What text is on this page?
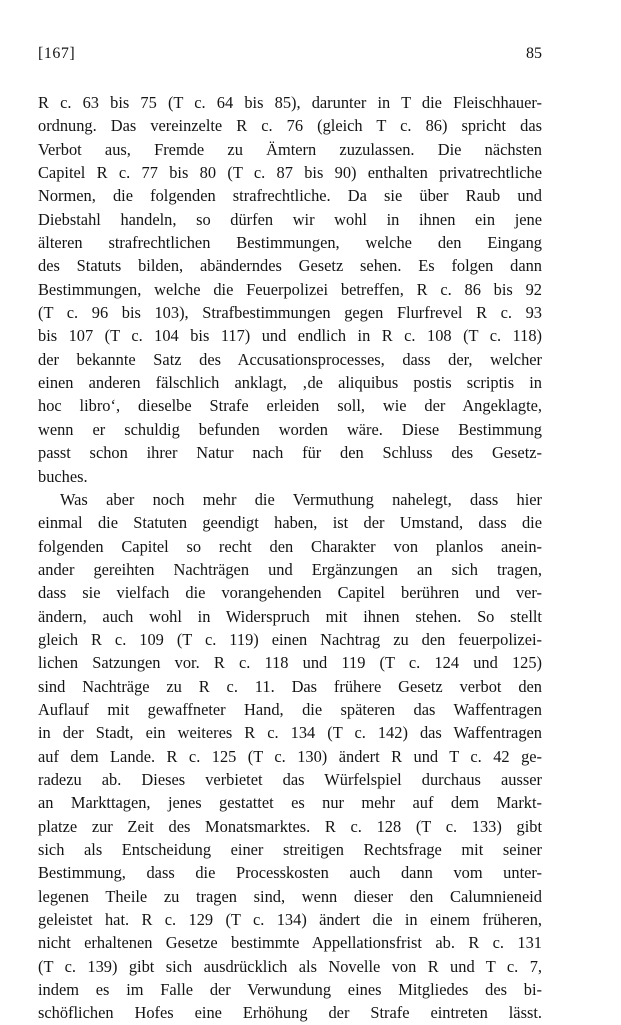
[167]	85
R c. 63 bis 75 (T c. 64 bis 85), darunter in T die Fleischhauer-
ordnung. Das vereinzelte R c. 76 (gleich T c. 86) spricht das
Verbot aus, Fremde zu Ämtern zuzulassen. Die nächsten
Capitel R c. 77 bis 80 (T c. 87 bis 90) enthalten privatrechtliche
Normen, die folgenden strafrechtliche. Da sie über Raub und
Diebstahl handeln, so dürfen wir wohl in ihnen ein jene
älteren strafrechtlichen Bestimmungen, welche den Eingang
des Statuts bilden, abänderndes Gesetz sehen. Es folgen dann
Bestimmungen, welche die Feuerpolizei betreffen, R c. 86 bis 92
(T c. 96 bis 103), Strafbestimmungen gegen Flurfrevel R c. 93
bis 107 (T c. 104 bis 117) und endlich in R c. 108 (T c. 118)
der bekannte Satz des Accusationsprocesses, dass der, welcher
einen anderen fälschlich anklagt, ‚de aliquibus postis scriptis in
hoc libro‘, dieselbe Strafe erleiden soll, wie der Angeklagte,
wenn er schuldig befunden worden wäre. Diese Bestimmung
passt schon ihrer Natur nach für den Schluss des Gesetz-
buches.
Was aber noch mehr die Vermuthung nahelegt, dass hier
einmal die Statuten geendigt haben, ist der Umstand, dass die
folgenden Capitel so recht den Charakter von planlos anein-
ander gereihten Nachträgen und Ergänzungen an sich tragen,
dass sie vielfach die vorangehenden Capitel berühren und ver-
ändern, auch wohl in Widerspruch mit ihnen stehen. So stellt
gleich R c. 109 (T c. 119) einen Nachtrag zu den feuerpolizei-
lichen Satzungen vor. R c. 118 und 119 (T c. 124 und 125)
sind Nachträge zu R c. 11. Das frühere Gesetz verbot den
Auflauf mit gewaffneter Hand, die späteren das Waffentragen
in der Stadt, ein weiteres R c. 134 (T c. 142) das Waffentragen
auf dem Lande. R c. 125 (T c. 130) ändert R und T c. 42 ge-
radezu ab. Dieses verbietet das Würfelspiel durchaus ausser
an Markttagen, jenes gestattet es nur mehr auf dem Markt-
platze zur Zeit des Monatsmarktes. R c. 128 (T c. 133) gibt
sich als Entscheidung einer streitigen Rechtsfrage mit seiner
Bestimmung, dass die Processkosten auch dann vom unter-
legenen Theile zu tragen sind, wenn dieser den Calumnieneid
geleistet hat. R c. 129 (T c. 134) ändert die in einem früheren,
nicht erhaltenen Gesetze bestimmte Appellationsfrist ab. R c. 131
(T c. 139) gibt sich ausdrücklich als Novelle von R und T c. 7,
indem es im Falle der Verwundung eines Mitgliedes des bi-
schöflichen Hofes eine Erhöhung der Strafe eintreten lässt.
